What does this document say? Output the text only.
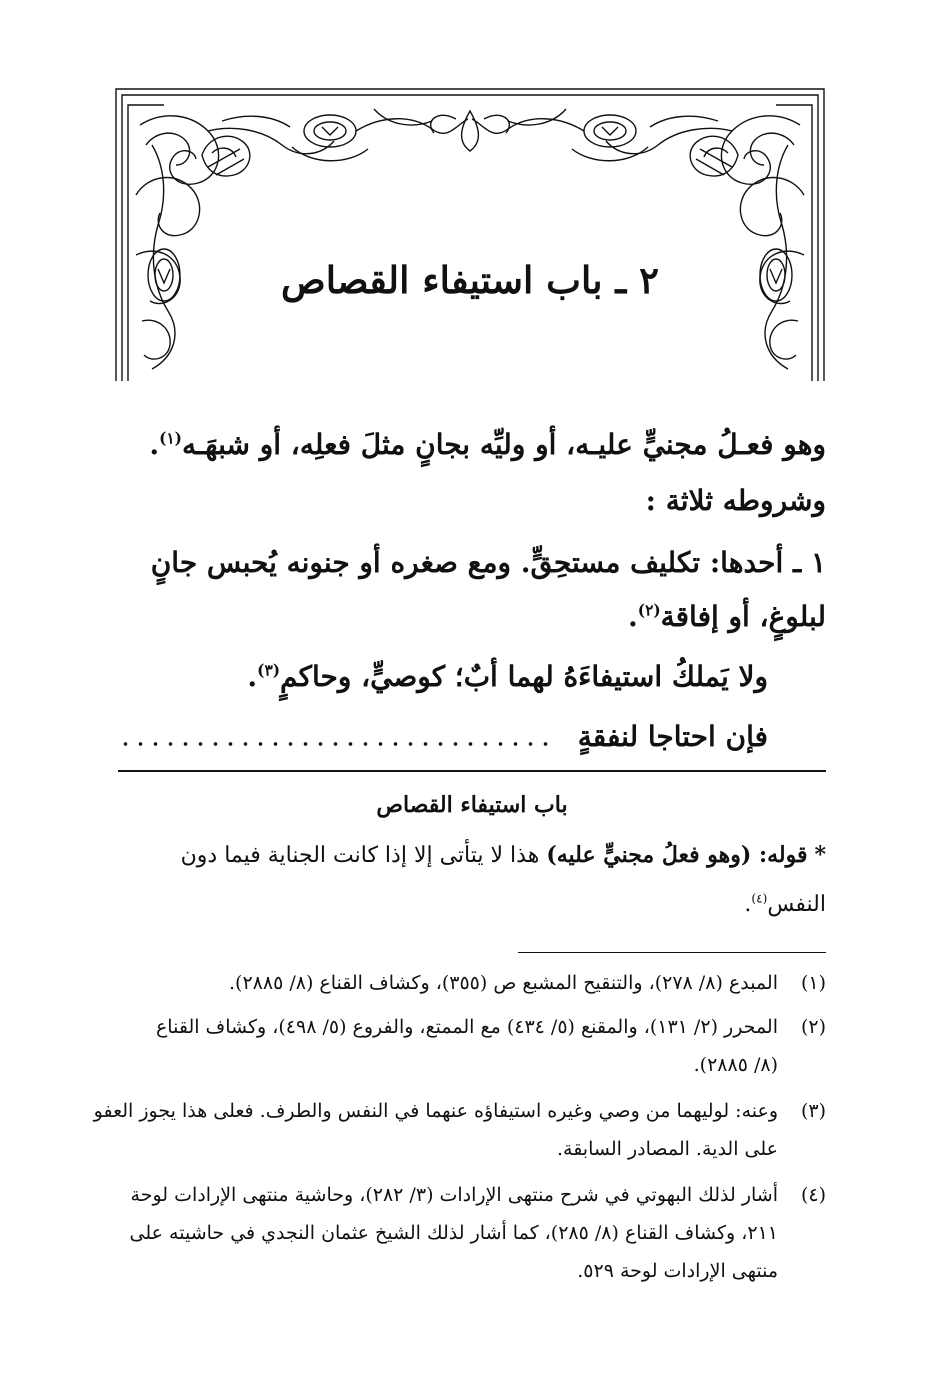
٢ ـ باب استيفاء القصاص
وهو فعـلُ مجنيٍّ عليـه، أو وليِّه بجانٍ مثلَ فعلِه، أو شبهَـه$^{(١)}$.
وشروطه ثلاثة :
١ ـ أحدها: تكليف مستحِقٍّ. ومع صغره أو جنونه يُحبس جانٍ
لبلوغٍ، أو إفاقة$^{(٢)}$.
ولا يَملكُ استيفاءَهُ لهما أبٌ؛ كوصيٍّ، وحاكمٍ$^{(٣)}$.
فإن احتاجا لنفقةٍ
باب استيفاء القصاص
* قوله: (وهو فعلُ مجنيٍّ عليه) هذا لا يتأتى إلا إذا كانت الجناية فيما دون
النفس$^{(٤)}$.
(١)المبدع (٨/ ٢٧٨)، والتنقيح المشبع ص (٣٥٥)، وكشاف القناع (٨/ ٢٨٨٥).
(٢)المحرر (٢/ ١٣١)، والمقنع (٥/ ٤٣٤) مع الممتع، والفروع (٥/ ٤٩٨)، وكشاف القناع
(٨/ ٢٨٨٥).
(٣)وعنه: لوليهما من وصي وغيره استيفاؤه عنهما في النفس والطرف. فعلى هذا يجوز العفو
على الدية. المصادر السابقة.
(٤)أشار لذلك البهوتي في شرح منتهى الإرادات (٣/ ٢٨٢)، وحاشية منتهى الإرادات لوحة
٢١١، وكشاف القناع (٨/ ٢٨٥)، كما أشار لذلك الشيخ عثمان النجدي في حاشيته على
منتهى الإرادات لوحة ٥٢٩.
